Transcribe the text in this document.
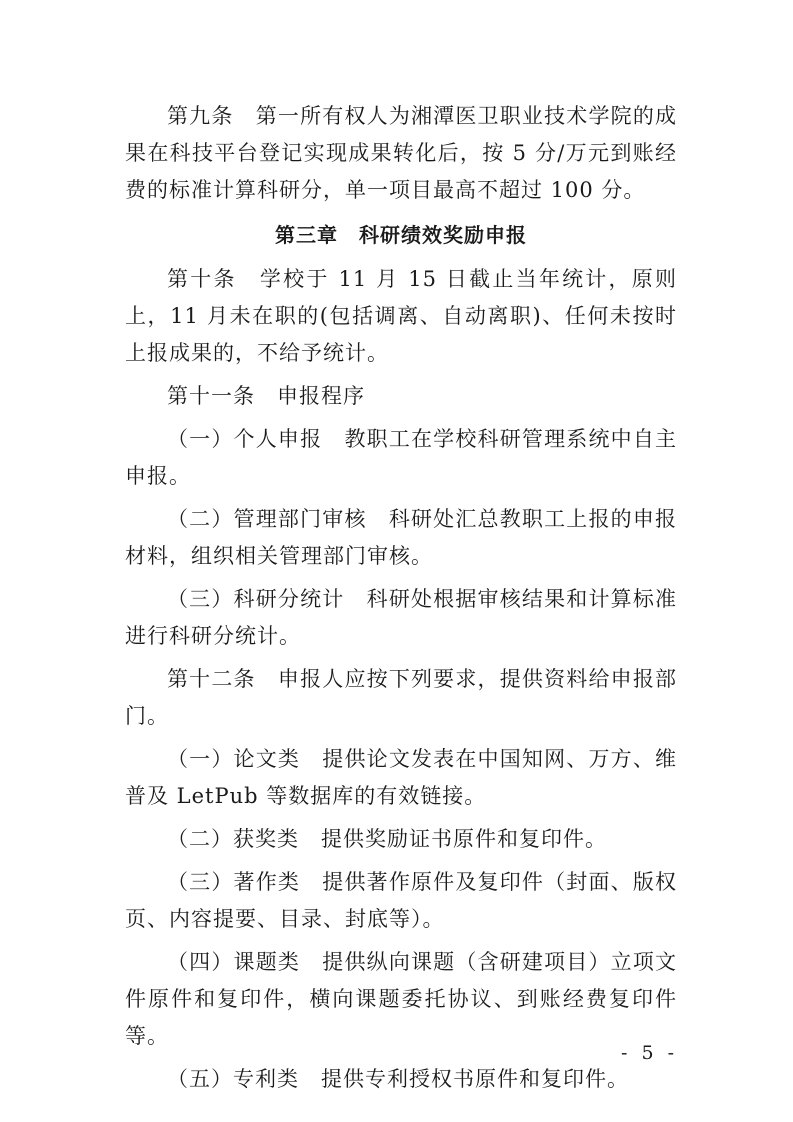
第九条　第一所有权人为湘潭医卫职业技术学院的成果在科技平台登记实现成果转化后，按 5 分/万元到账经费的标准计算科研分，单一项目最高不超过 100 分。

第三章　科研绩效奖励申报

第十条　学校于 11 月 15 日截止当年统计，原则上，11 月未在职的(包括调离、自动离职)、任何未按时上报成果的，不给予统计。

第十一条　申报程序

（一）个人申报　教职工在学校科研管理系统中自主申报。

（二）管理部门审核　科研处汇总教职工上报的申报材料，组织相关管理部门审核。

（三）科研分统计　科研处根据审核结果和计算标准进行科研分统计。

第十二条　申报人应按下列要求，提供资料给申报部门。

（一）论文类　提供论文发表在中国知网、万方、维普及 LetPub 等数据库的有效链接。

（二）获奖类　提供奖励证书原件和复印件。

（三）著作类　提供著作原件及复印件（封面、版权页、内容提要、目录、封底等）。

（四）课题类　提供纵向课题（含研建项目）立项文件原件和复印件，横向课题委托协议、到账经费复印件等。

（五）专利类　提供专利授权书原件和复印件。

- 5 -
